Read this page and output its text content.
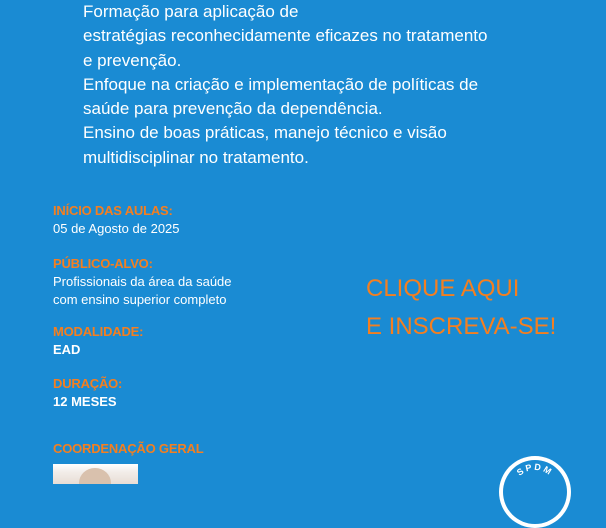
Formação para aplicação de
estratégias reconhecidamente eficazes no tratamento
e prevenção.
Enfoque na criação e implementação de políticas de
saúde para prevenção da dependência.
Ensino de boas práticas, manejo técnico e visão
multidisciplinar no tratamento.
INÍCIO DAS AULAS:
05 de Agosto de 2025
PÚBLICO-ALVO:
Profissionais da área da saúde
com ensino superior completo
MODALIDADE:
EAD
DURAÇÃO:
12 MESES
COORDENAÇÃO GERAL
CLIQUE AQUI
E INSCREVA-SE!
SPDM
